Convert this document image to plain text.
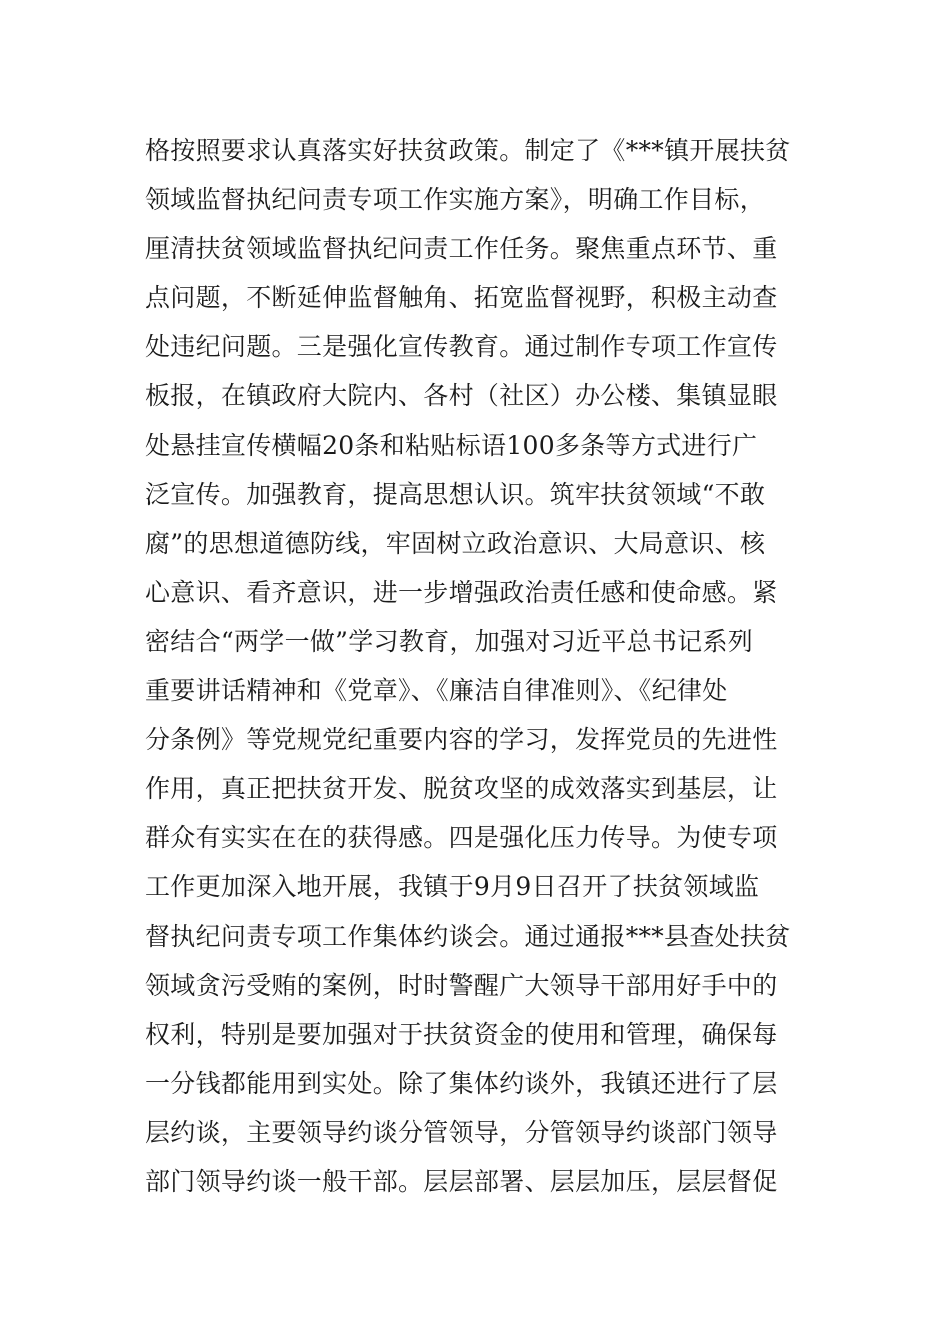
格按照要求认真落实好扶贫政策。制定了《***镇开展扶贫
领域监督执纪问责专项工作实施方案》，明确工作目标，
厘清扶贫领域监督执纪问责工作任务。聚焦重点环节、重
点问题，不断延伸监督触角、拓宽监督视野，积极主动查
处违纪问题。三是强化宣传教育。通过制作专项工作宣传
板报，在镇政府大院内、各村（社区）办公楼、集镇显眼
处悬挂宣传横幅20条和粘贴标语100多条等方式进行广
泛宣传。加强教育，提高思想认识。筑牢扶贫领域“不敢
腐”的思想道德防线，牢固树立政治意识、大局意识、核
心意识、看齐意识，进一步增强政治责任感和使命感。紧
密结合“两学一做”学习教育，加强对习近平总书记系列
重要讲话精神和《党章》、《廉洁自律准则》、《纪律处
分条例》等党规党纪重要内容的学习，发挥党员的先进性
作用，真正把扶贫开发、脱贫攻坚的成效落实到基层，让
群众有实实在在的获得感。四是强化压力传导。为使专项
工作更加深入地开展，我镇于9月9日召开了扶贫领域监
督执纪问责专项工作集体约谈会。通过通报***县查处扶贫
领域贪污受贿的案例，时时警醒广大领导干部用好手中的
权利，特别是要加强对于扶贫资金的使用和管理，确保每
一分钱都能用到实处。除了集体约谈外，我镇还进行了层
层约谈，主要领导约谈分管领导，分管领导约谈部门领导
部门领导约谈一般干部。层层部署、层层加压，层层督促
